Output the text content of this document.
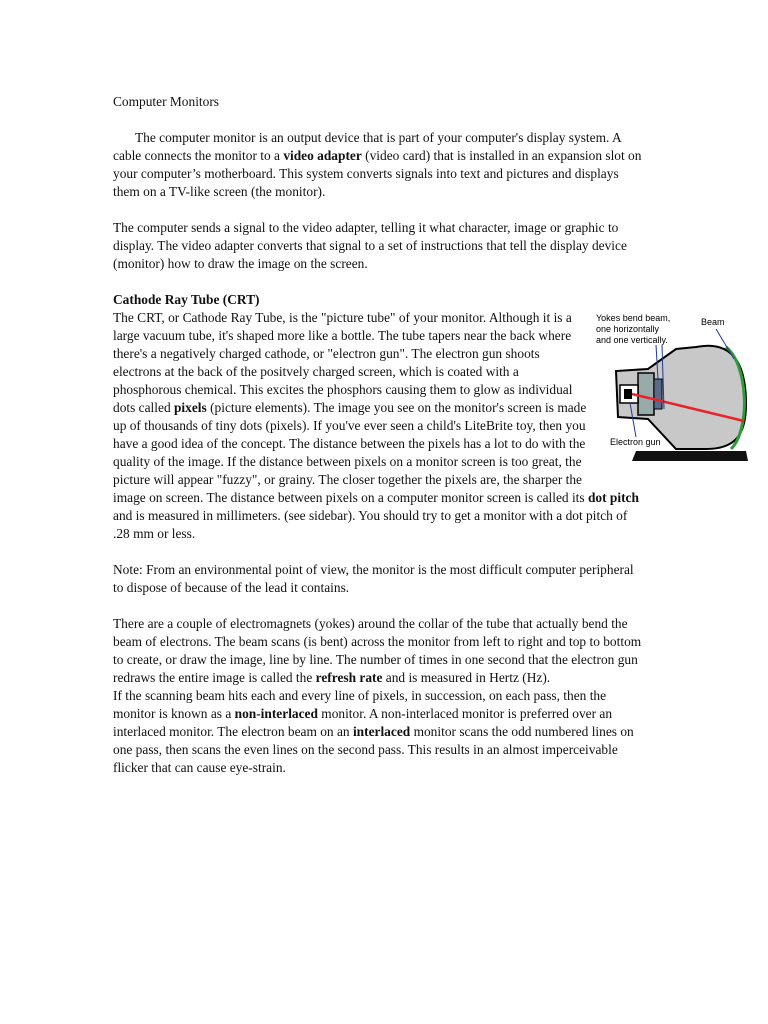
Computer Monitors

The computer monitor is an output device that is part of your computer's display system. A cable connects the monitor to a video adapter (video card) that is installed in an expansion slot on your computer’s motherboard. This system converts signals into text and pictures and displays them on a TV-like screen (the monitor).

The computer sends a signal to the video adapter, telling it what character, image or graphic to display. The video adapter converts that signal to a set of instructions that tell the display device (monitor) how to draw the image on the screen.

Cathode Ray Tube (CRT)
Yokes bend beam,
one horizontally
and one vertically.
Beam
Electron gun

The CRT, or Cathode Ray Tube, is the "picture tube" of your monitor. Although it is a large vacuum tube, it's shaped more like a bottle. The tube tapers near the back where there's a negatively charged cathode, or "electron gun". The electron gun shoots electrons at the back of the positvely charged screen, which is coated with a phosphorous chemical. This excites the phosphors causing them to glow as individual dots called pixels (picture elements). The image you see on the monitor's screen is made up of thousands of tiny dots (pixels). If you've ever seen a child's LiteBrite toy, then you have a good idea of the concept. The distance between the pixels has a lot to do with the quality of the image. If the distance between pixels on a monitor screen is too great, the picture will appear "fuzzy", or grainy. The closer together the pixels are, the sharper the image on screen. The distance between pixels on a computer monitor screen is called its dot pitch and is measured in millimeters. (see sidebar). You should try to get a monitor with a dot pitch of .28 mm or less.

Note: From an environmental point of view, the monitor is the most difficult computer peripheral to dispose of because of the lead it contains.

There are a couple of electromagnets (yokes) around the collar of the tube that actually bend the beam of electrons. The beam scans (is bent) across the monitor from left to right and top to bottom to create, or draw the image, line by line. The number of times in one second that the electron gun redraws the entire image is called the refresh rate and is measured in Hertz (Hz).

If the scanning beam hits each and every line of pixels, in succession, on each pass, then the monitor is known as a non-interlaced monitor. A non-interlaced monitor is preferred over an interlaced monitor. The electron beam on an interlaced monitor scans the odd numbered lines on one pass, then scans the even lines on the second pass. This results in an almost imperceivable flicker that can cause eye-strain.
